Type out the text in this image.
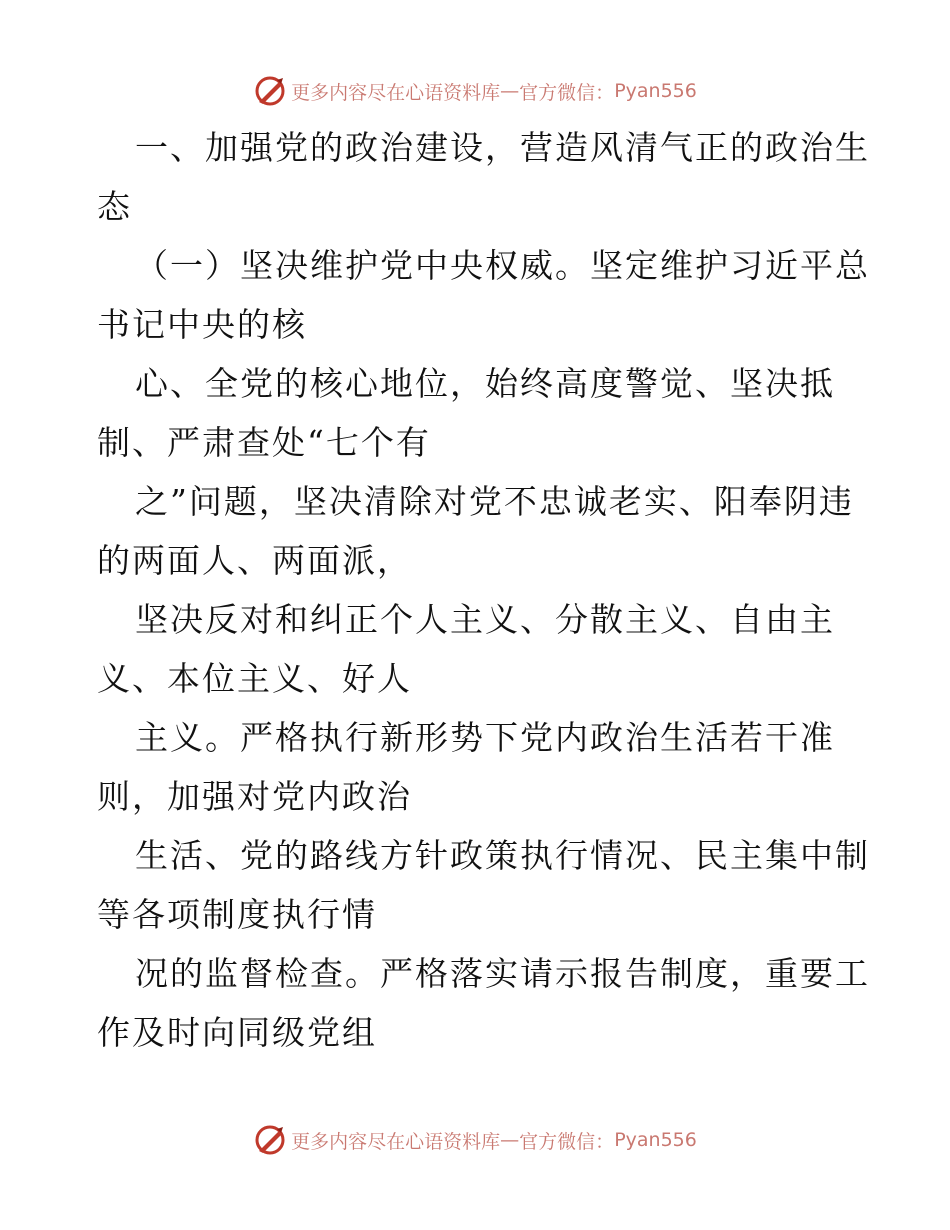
更多内容尽在心语资料库 — 官方微信： Pyan556
一、加强党的政治建设，营造风清气正的政治生
态
（一）坚决维护党中央权威。坚定维护习近平总
书记中央的核
心、全党的核心地位，始终高度警觉、坚决抵
制、严肃查处“七个有
之”问题，坚决清除对党不忠诚老实、阳奉阴违
的两面人、两面派，
坚决反对和纠正个人主义、分散主义、自由主
义、本位主义、好人
主义。严格执行新形势下党内政治生活若干准
则，加强对党内政治
生活、党的路线方针政策执行情况、民主集中制
等各项制度执行情
况的监督检查。严格落实请示报告制度，重要工
作及时向同级党组
更多内容尽在心语资料库 — 官方微信： Pyan556
